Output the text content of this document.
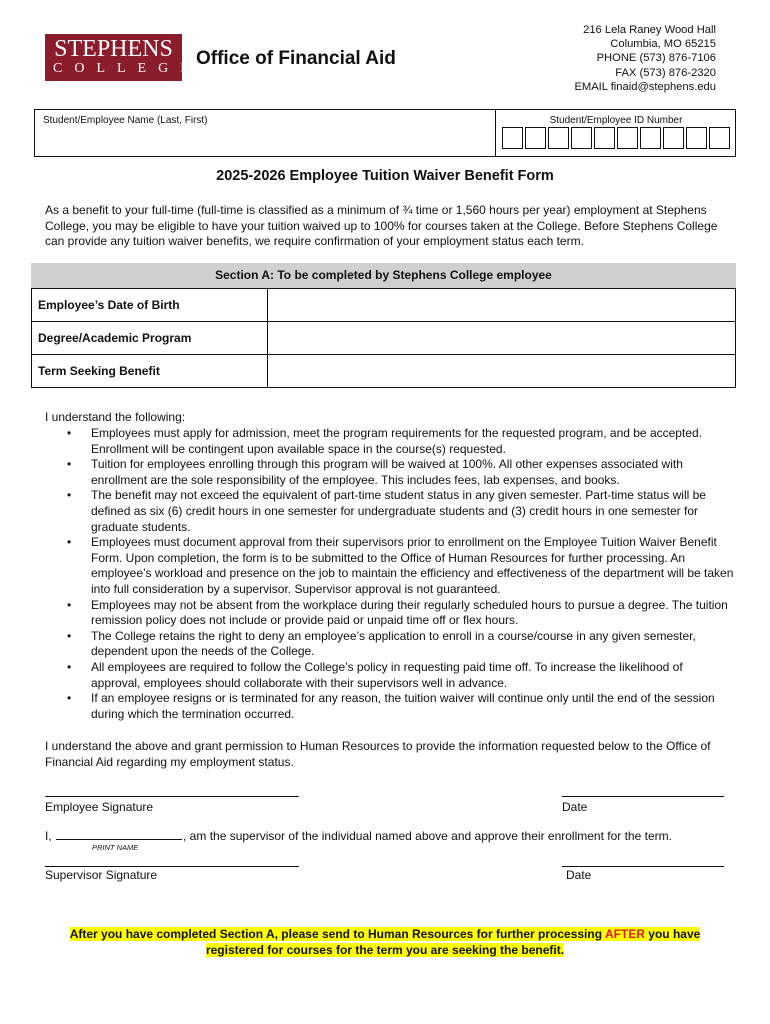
STEPHENS
COLLEGE
Office of Financial Aid
216 Lela Raney Wood Hall
Columbia, MO 65215
PHONE (573) 876-7106
FAX (573) 876-2320
EMAIL finaid@stephens.edu
Student/Employee Name (Last, First)	Student/Employee ID Number
2025-2026 Employee Tuition Waiver Benefit Form
As a benefit to your full-time (full-time is classified as a minimum of ¾ time or 1,560 hours per year) employment at Stephens College, you may be eligible to have your tuition waived up to 100% for courses taken at the College. Before Stephens College can provide any tuition waiver benefits, we require confirmation of your employment status each term.
Section A: To be completed by Stephens College employee
Employee’s Date of Birth	
Degree/Academic Program	
Term Seeking Benefit	
I understand the following:
• Employees must apply for admission, meet the program requirements for the requested program, and be accepted. Enrollment will be contingent upon available space in the course(s) requested.
• Tuition for employees enrolling through this program will be waived at 100%. All other expenses associated with enrollment are the sole responsibility of the employee. This includes fees, lab expenses, and books.
• The benefit may not exceed the equivalent of part-time student status in any given semester. Part-time status will be defined as six (6) credit hours in one semester for undergraduate students and (3) credit hours in one semester for graduate students.
• Employees must document approval from their supervisors prior to enrollment on the Employee Tuition Waiver Benefit Form. Upon completion, the form is to be submitted to the Office of Human Resources for further processing. An employee’s workload and presence on the job to maintain the efficiency and effectiveness of the department will be taken into full consideration by a supervisor. Supervisor approval is not guaranteed.
• Employees may not be absent from the workplace during their regularly scheduled hours to pursue a degree. The tuition remission policy does not include or provide paid or unpaid time off or flex hours.
• The College retains the right to deny an employee’s application to enroll in a course/course in any given semester, dependent upon the needs of the College.
• All employees are required to follow the College’s policy in requesting paid time off. To increase the likelihood of approval, employees should collaborate with their supervisors well in advance.
• If an employee resigns or is terminated for any reason, the tuition waiver will continue only until the end of the session during which the termination occurred.
I understand the above and grant permission to Human Resources to provide the information requested below to the Office of Financial Aid regarding my employment status.
Employee Signature	Date
I,	, am the supervisor of the individual named above and approve their enrollment for the term.
PRINT NAME
Supervisor Signature	Date
After you have completed Section A, please send to Human Resources for further processing AFTER you have
registered for courses for the term you are seeking the benefit.
